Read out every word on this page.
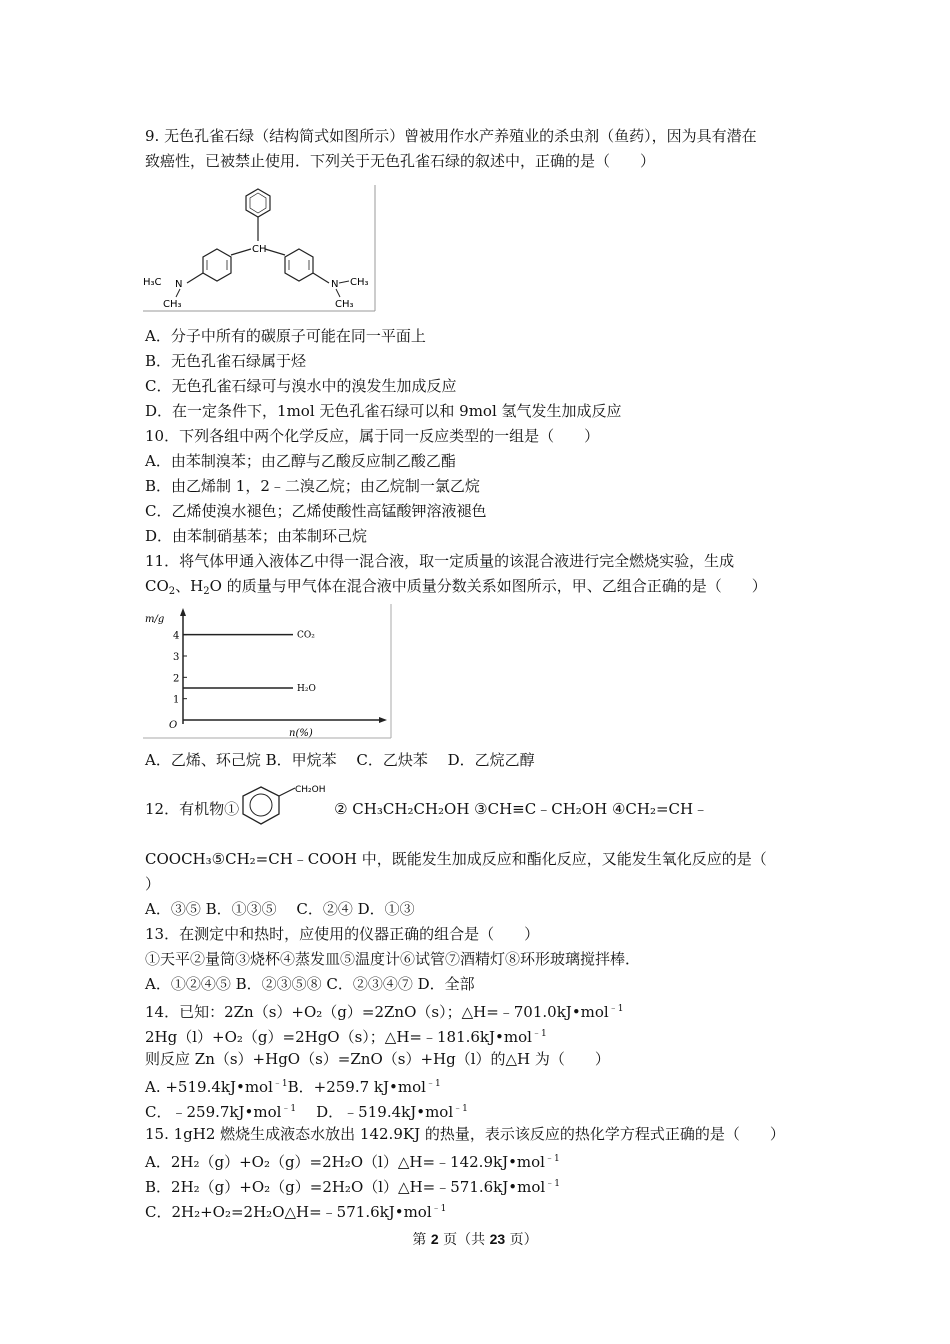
9. 无色孔雀石绿（结构简式如图所示）曾被用作水产养殖业的杀虫剂（鱼药），因为具有潜在
致癌性，已被禁止使用．下列关于无色孔雀石绿的叙述中，正确的是（　　）
CH
N
H₃C
CH₃
N CH₃
CH₃
A．分子中所有的碳原子可能在同一平面上
B．无色孔雀石绿属于烃
C．无色孔雀石绿可与溴水中的溴发生加成反应
D．在一定条件下，1mol 无色孔雀石绿可以和 9mol 氢气发生加成反应
10．下列各组中两个化学反应，属于同一反应类型的一组是（　　）
A．由苯制溴苯；由乙醇与乙酸反应制乙酸乙酯
B．由乙烯制 1，2﹣二溴乙烷；由乙烷制一氯乙烷
C．乙烯使溴水褪色；乙烯使酸性高锰酸钾溶液褪色
D．由苯制硝基苯；由苯制环己烷
11．将气体甲通入液体乙中得一混合液，取一定质量的该混合液进行完全燃烧实验，生成
$CO_2$、$H_2O$ 的质量与甲气体在混合液中质量分数关系如图所示，甲、乙组合正确的是（　　）
m/g
n(%)
O
1
2
3
4	CO₂
H₂O
A．乙烯、环己烷 B．甲烷苯　 C．乙炔苯　 D．乙烷乙醇
12．有机物①
CH₂OH
② CH₃CH₂CH₂OH ③CH≡C﹣CH₂OH ④CH₂=CH﹣
COOCH₃⑤CH₂=CH﹣COOH 中，既能发生加成反应和酯化反应，又能发生氧化反应的是（
）
A．③⑤ B．①③⑤　 C．②④ D．①③
13．在测定中和热时，应使用的仪器正确的组合是（　　）
①天平②量筒③烧杯④蒸发皿⑤温度计⑥试管⑦酒精灯⑧环形玻璃搅拌棒．
A．①②④⑤ B．②③⑤⑧ C．②③④⑦ D．全部
14．已知：2Zn（s）+O₂（g）=2ZnO（s）；△H=﹣701.0kJ•mol$^{﹣1}$
2Hg（l）+O₂（g）=2HgO（s）；△H=﹣181.6kJ•mol$^{﹣1}$
则反应 Zn（s）+HgO（s）=ZnO（s）+Hg（l）的△H 为（　　）
A. +519.4kJ•mol$^{﹣1}$B．+259.7 kJ•mol$^{﹣1}$
C．﹣259.7kJ•mol$^{﹣1}$ D．﹣519.4kJ•mol$^{﹣1}$
15. 1gH2 燃烧生成液态水放出 142.9KJ 的热量，表示该反应的热化学方程式正确的是（　　）
A．2H₂（g）+O₂（g）=2H₂O（l）△H=﹣142.9kJ•mol$^{﹣1}$
B．2H₂（g）+O₂（g）=2H₂O（l）△H=﹣571.6kJ•mol$^{﹣1}$
C．2H₂+O₂=2H₂O△H=﹣571.6kJ•mol$^{﹣1}$
第 2 页（共 23 页）
